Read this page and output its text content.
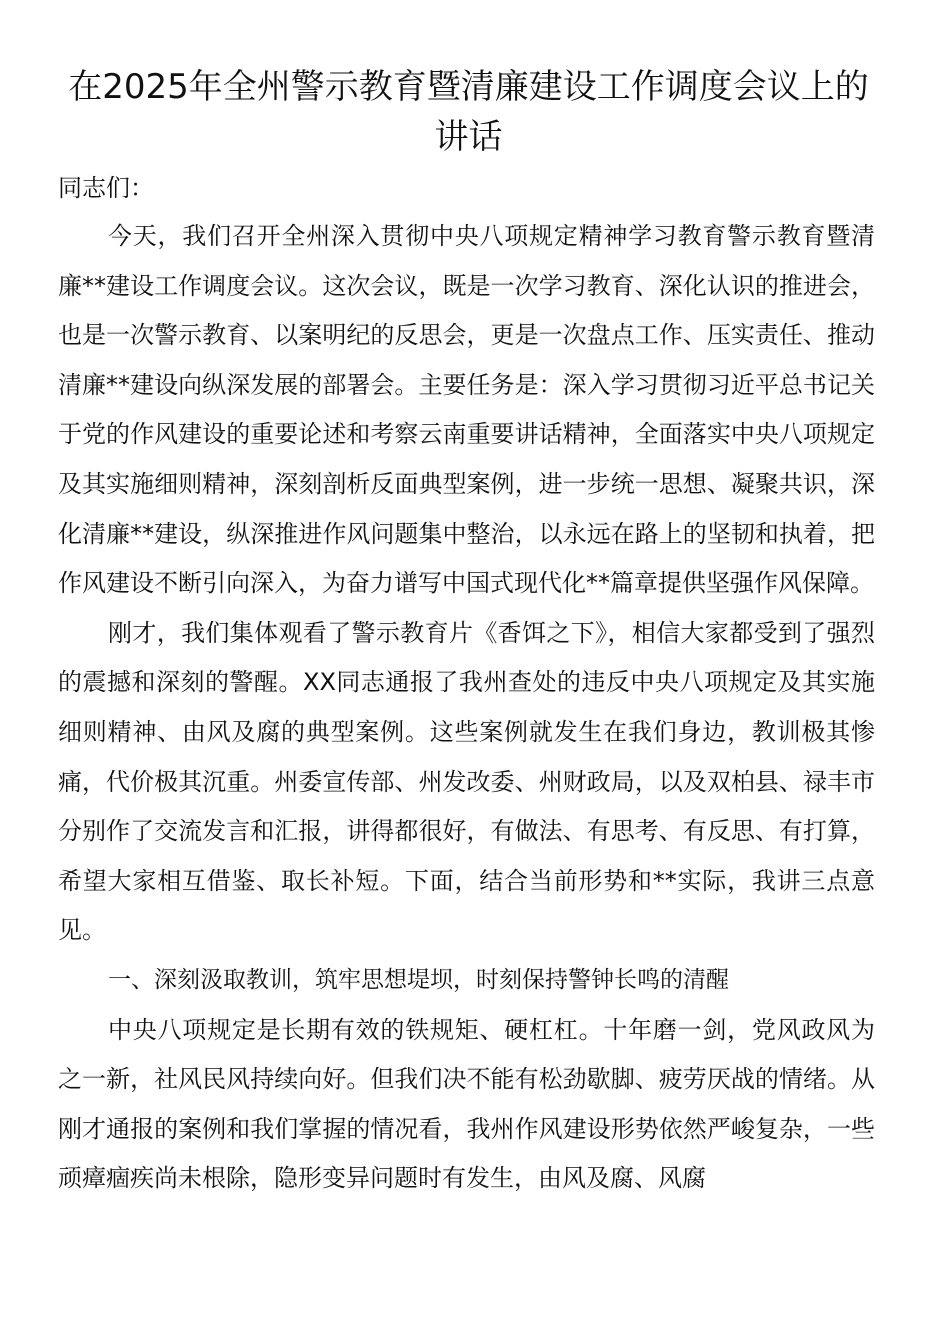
在2025年全州警示教育暨清廉建设工作调度会议上的讲话

同志们：

今天，我们召开全州深入贯彻中央八项规定精神学习教育警示教育暨清廉**建设工作调度会议。这次会议，既是一次学习教育、深化认识的推进会，也是一次警示教育、以案明纪的反思会，更是一次盘点工作、压实责任、推动清廉**建设向纵深发展的部署会。主要任务是：深入学习贯彻习近平总书记关于党的作风建设的重要论述和考察云南重要讲话精神，全面落实中央八项规定及其实施细则精神，深刻剖析反面典型案例，进一步统一思想、凝聚共识，深化清廉**建设，纵深推进作风问题集中整治，以永远在路上的坚韧和执着，把作风建设不断引向深入，为奋力谱写中国式现代化**篇章提供坚强作风保障。

刚才，我们集体观看了警示教育片《香饵之下》，相信大家都受到了强烈的震撼和深刻的警醒。XX同志通报了我州查处的违反中央八项规定及其实施细则精神、由风及腐的典型案例。这些案例就发生在我们身边，教训极其惨痛，代价极其沉重。州委宣传部、州发改委、州财政局，以及双柏县、禄丰市分别作了交流发言和汇报，讲得都很好，有做法、有思考、有反思、有打算，希望大家相互借鉴、取长补短。下面，结合当前形势和**实际，我讲三点意见。

一、深刻汲取教训，筑牢思想堤坝，时刻保持警钟长鸣的清醒

中央八项规定是长期有效的铁规矩、硬杠杠。十年磨一剑，党风政风为之一新，社风民风持续向好。但我们决不能有松劲歇脚、疲劳厌战的情绪。从刚才通报的案例和我们掌握的情况看，我州作风建设形势依然严峻复杂，一些顽瘴痼疾尚未根除，隐形变异问题时有发生，由风及腐、风腐
